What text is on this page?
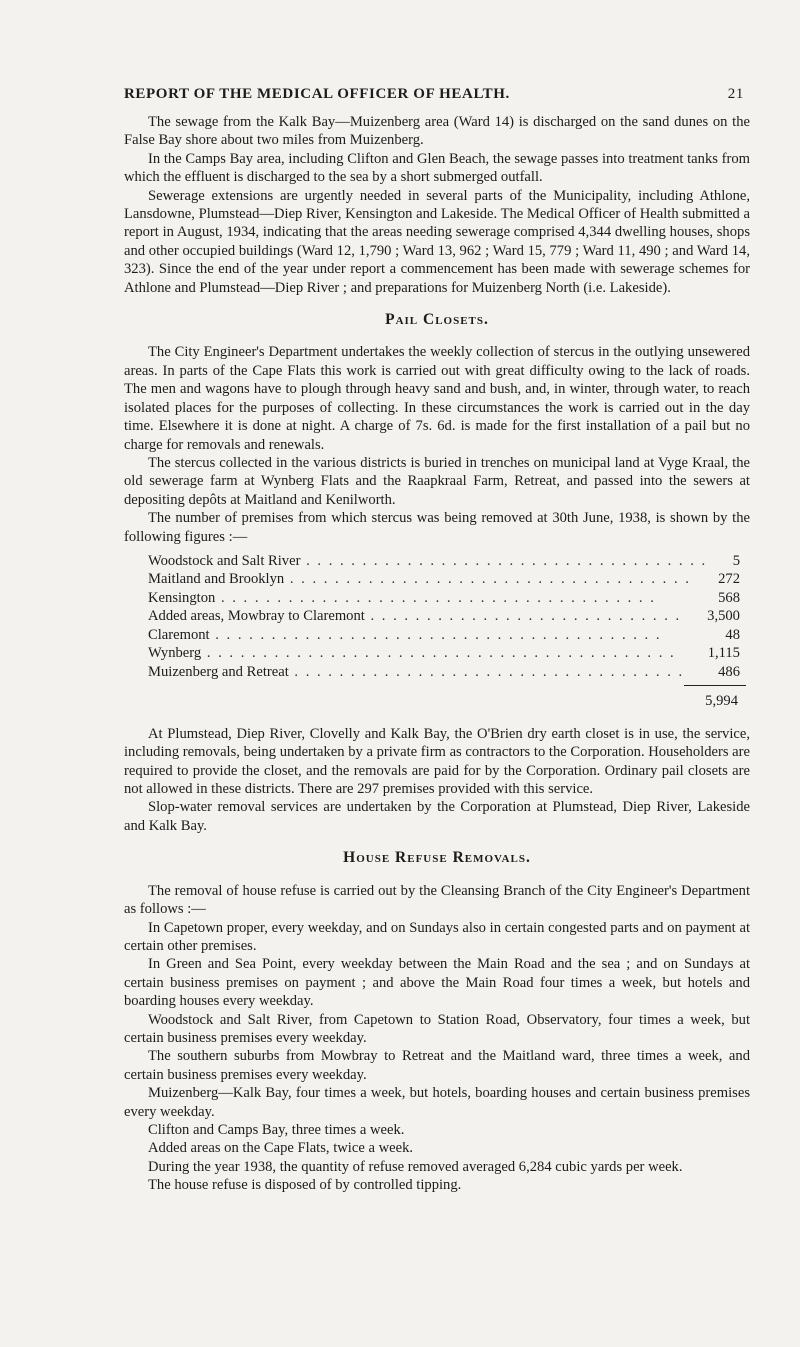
REPORT OF THE MEDICAL OFFICER OF HEALTH.	21

The sewage from the Kalk Bay—Muizenberg area (Ward 14) is discharged on the sand dunes on the False Bay shore about two miles from Muizenberg.

In the Camps Bay area, including Clifton and Glen Beach, the sewage passes into treatment tanks from which the effluent is discharged to the sea by a short submerged outfall.

Sewerage extensions are urgently needed in several parts of the Municipality, including Athlone, Lansdowne, Plumstead—Diep River, Kensington and Lakeside. The Medical Officer of Health submitted a report in August, 1934, indicating that the areas needing sewerage comprised 4,344 dwelling houses, shops and other occupied buildings (Ward 12, 1,790 ; Ward 13, 962 ; Ward 15, 779 ; Ward 11, 490 ; and Ward 14, 323). Since the end of the year under report a commencement has been made with sewerage schemes for Athlone and Plumstead—Diep River ; and preparations for Muizenberg North (i.e. Lakeside).

Pail Closets.

The City Engineer's Department undertakes the weekly collection of stercus in the outlying unsewered areas. In parts of the Cape Flats this work is carried out with great difficulty owing to the lack of roads. The men and wagons have to plough through heavy sand and bush, and, in winter, through water, to reach isolated places for the purposes of collecting. In these circumstances the work is carried out in the day time. Elsewhere it is done at night. A charge of 7s. 6d. is made for the first installation of a pail but no charge for removals and renewals.

The stercus collected in the various districts is buried in trenches on municipal land at Vyge Kraal, the old sewerage farm at Wynberg Flats and the Raapkraal Farm, Retreat, and passed into the sewers at depositing depôts at Maitland and Kenilworth.

The number of premises from which stercus was being removed at 30th June, 1938, is shown by the following figures :—

Woodstock and Salt River . . . . . . . . . . . . . . . . . . . . . . . . . . . . . . . . . . . .	5
Maitland and Brooklyn . . . . . . . . . . . . . . . . . . . . . . . . . . . . . . . . . . . .	272
Kensington . . . . . . . . . . . . . . . . . . . . . . . . . . . . . . . . . . . . . . .	568
Added areas, Mowbray to Claremont . . . . . . . . . . . . . . . . . . . . . . . . . . . .	3,500
Claremont . . . . . . . . . . . . . . . . . . . . . . . . . . . . . . . . . . . . . . . .	48
Wynberg . . . . . . . . . . . . . . . . . . . . . . . . . . . . . . . . . . . . . . . . . .	1,115
Muizenberg and Retreat . . . . . . . . . . . . . . . . . . . . . . . . . . . . . . . . . . .	486
5,994

At Plumstead, Diep River, Clovelly and Kalk Bay, the O'Brien dry earth closet is in use, the service, including removals, being undertaken by a private firm as contractors to the Corporation. Householders are required to provide the closet, and the removals are paid for by the Corporation. Ordinary pail closets are not allowed in these districts. There are 297 premises provided with this service.

Slop-water removal services are undertaken by the Corporation at Plumstead, Diep River, Lakeside and Kalk Bay.

House Refuse Removals.

The removal of house refuse is carried out by the Cleansing Branch of the City Engineer's Department as follows :—

In Capetown proper, every weekday, and on Sundays also in certain congested parts and on payment at certain other premises.

In Green and Sea Point, every weekday between the Main Road and the sea ; and on Sundays at certain business premises on payment ; and above the Main Road four times a week, but hotels and boarding houses every weekday.

Woodstock and Salt River, from Capetown to Station Road, Observatory, four times a week, but certain business premises every weekday.

The southern suburbs from Mowbray to Retreat and the Maitland ward, three times a week, and certain business premises every weekday.

Muizenberg—Kalk Bay, four times a week, but hotels, boarding houses and certain business premises every weekday.

Clifton and Camps Bay, three times a week.

Added areas on the Cape Flats, twice a week.

During the year 1938, the quantity of refuse removed averaged 6,284 cubic yards per week.

The house refuse is disposed of by controlled tipping.
